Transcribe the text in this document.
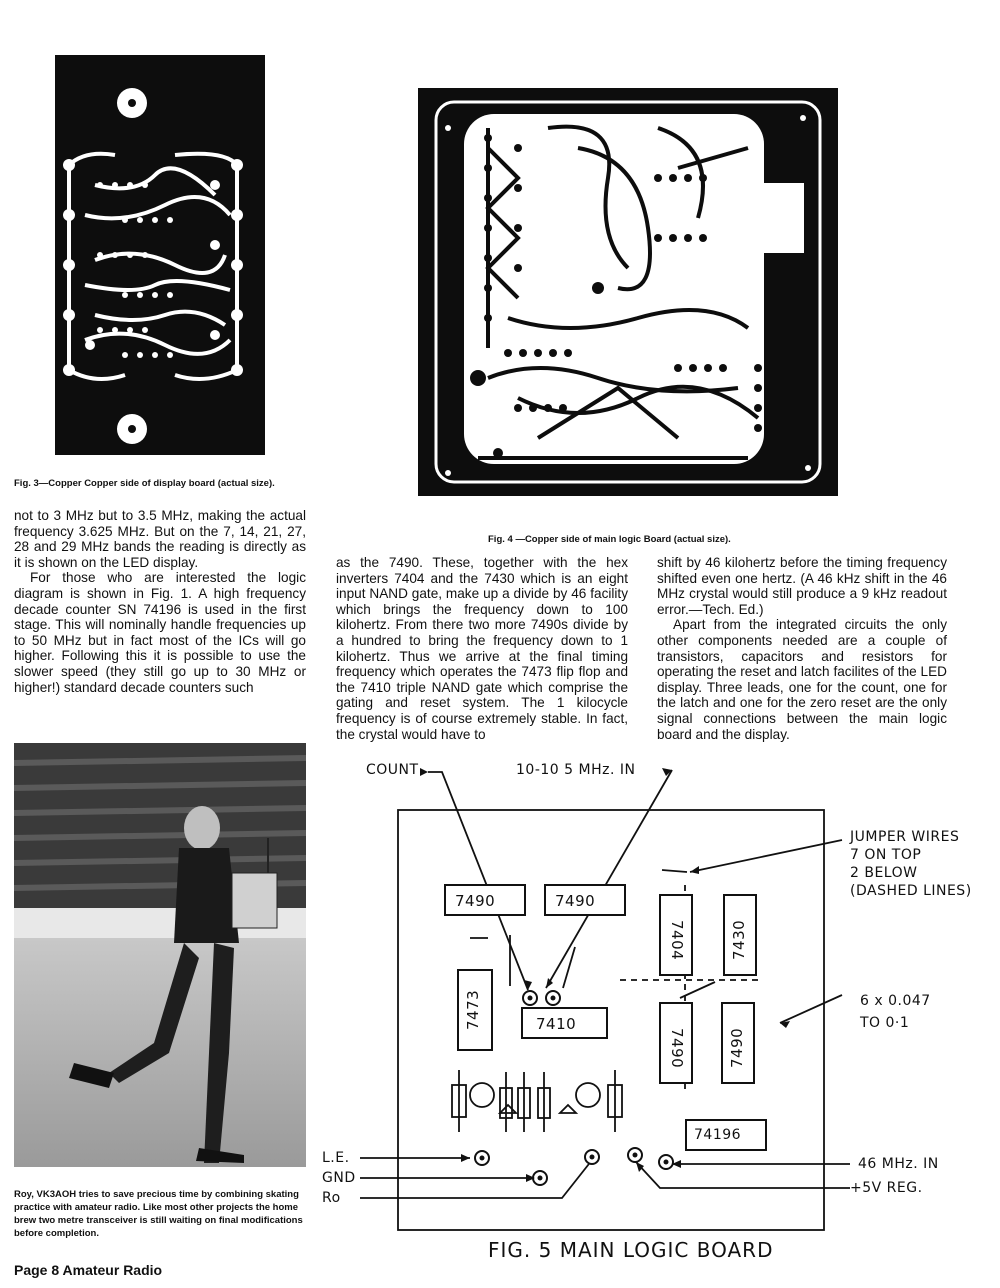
Fig. 3—Copper Copper side of display board (actual size).
Fig. 4 —Copper side of main logic Board (actual size).

not to 3 MHz but to 3.5 MHz, making the actual frequency 3.625 MHz. But on the 7, 14, 21, 27, 28 and 29 MHz bands the reading is directly as it is shown on the LED display.

For those who are interested the logic diagram is shown in Fig. 1. A high frequency decade counter SN 74196 is used in the first stage. This will nominally handle frequencies up to 50 MHz but in fact most of the ICs will go higher. Following this it is possible to use the slower speed (they still go up to 30 MHz or higher!) standard decade counters such

as the 7490. These, together with the hex inverters 7404 and the 7430 which is an eight input NAND gate, make up a divide by 46 facility which brings the frequency down to 100 kilohertz. From there two more 7490s divide by a hundred to bring the frequency down to 1 kilohertz. Thus we arrive at the final timing frequency which operates the 7473 flip flop and the 7410 triple NAND gate which comprise the gating and reset system. The 1 kilocycle frequency is of course extremely stable. In fact, the crystal would have to

shift by 46 kilohertz before the timing frequency shifted even one hertz. (A 46 kHz shift in the 46 MHz crystal would still produce a 9 kHz readout error.—Tech. Ed.)

Apart from the integrated circuits the only other components needed are a couple of transistors, capacitors and resistors for operating the reset and latch facilites of the LED display. Three leads, one for the count, one for the latch and one for the zero reset are the only signal connections between the main logic board and the display.

Roy, VK3AOH tries to save precious time by combining skating practice with amateur radio. Like most other projects the home brew two metre transceiver is still waiting on final modifications before completion.
7490	7490
7404	7430
7473	7410
7490	7490
74196
COUNT	10-10 5 MHz. IN
JUMPER WIRES
7 ON TOP
2 BELOW
(DASHED LINES)
6 x 0.047
TO 0·1
L.E.
GND
Ro
46 MHz. IN
+5V REG.
FIG. 5 MAIN LOGIC BOARD
Page 8 Amateur Radio
